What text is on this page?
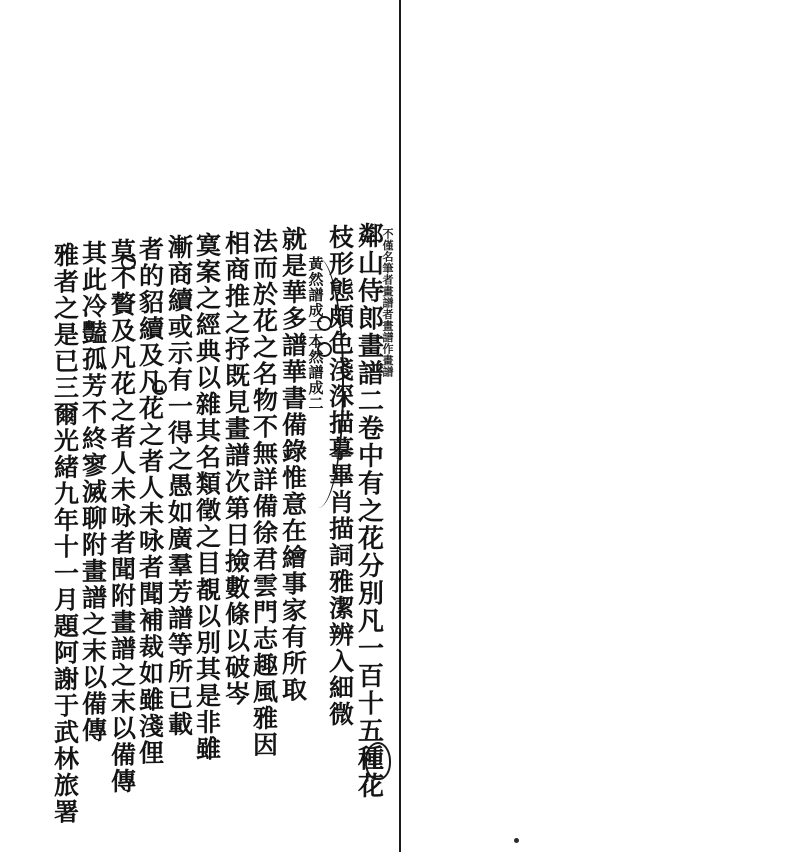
不僅名筆者畫譜者畫譜作畫譜
鄰山侍郎畫譜二卷中有之花分別凡一百十五種花
枝形態頗色淺深描摹畢肖描詞雅潔辨入細微
黃然譜成二本然譜成二
就是華多譜華書備錄惟意在繪事家有所取
法而於花之名物不無詳備徐君雲門志趣風雅因
相商推之抒既見畫譜次第日撿數條以破岑
寞案之經典以雜其名類徵之目覩以別其是非雖
漸商續或示有一得之愚如廣羣芳譜等所已載
者的貂續及凡花之者人未咏者聞補裁如雖淺俚
莫不贅及凡花之者人未咏者聞附畫譜之末以備傳
其此冷豔孤芳不終寥滅聊附畫譜之末以備傳
雅者之是已三爾光緒九年十一月題阿謝于武林旅署
